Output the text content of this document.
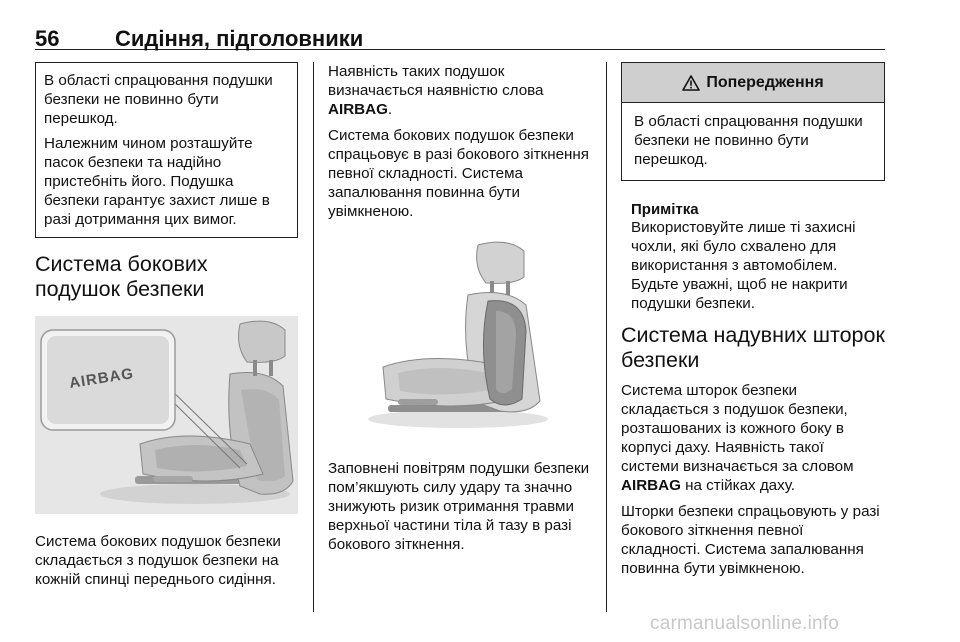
56	Сидіння, підголовники

В області спрацювання подушки безпеки не повинно бути перешкод.

Належним чином розташуйте пасок безпеки та надійно пристебніть його. Подушка безпеки гарантує захист лише в разі дотримання цих вимог.

Система бокових подушок безпеки
AIRBAG

Система бокових подушок безпеки складається з подушок безпеки на кожній спинці переднього сидіння.

Наявність таких подушок визначається наявністю слова AIRBAG.

Система бокових подушок безпеки спрацьовує в разі бокового зіткнення певної складності. Система запалювання повинна бути увімкненою.

Заповнені повітрям подушки безпеки пом’якшують силу удару та значно знижують ризик отримання травми верхньої частини тіла й тазу в разі бокового зіткнення.

Попередження
В області спрацювання подушки безпеки не повинно бути перешкод.
Примітка

Використовуйте лише ті захисні чохли, які було схвалено для використання з автомобілем. Будьте уважні, щоб не накрити подушки безпеки.

Система надувних шторок безпеки

Система шторок безпеки складається з подушок безпеки, розташованих із кожного боку в корпусі даху. Наявність такої системи визначається за словом AIRBAG на стійках даху.

Шторки безпеки спрацьовують у разі бокового зіткнення певної складності. Система запалювання повинна бути увімкненою.

carmanualsonline.info
